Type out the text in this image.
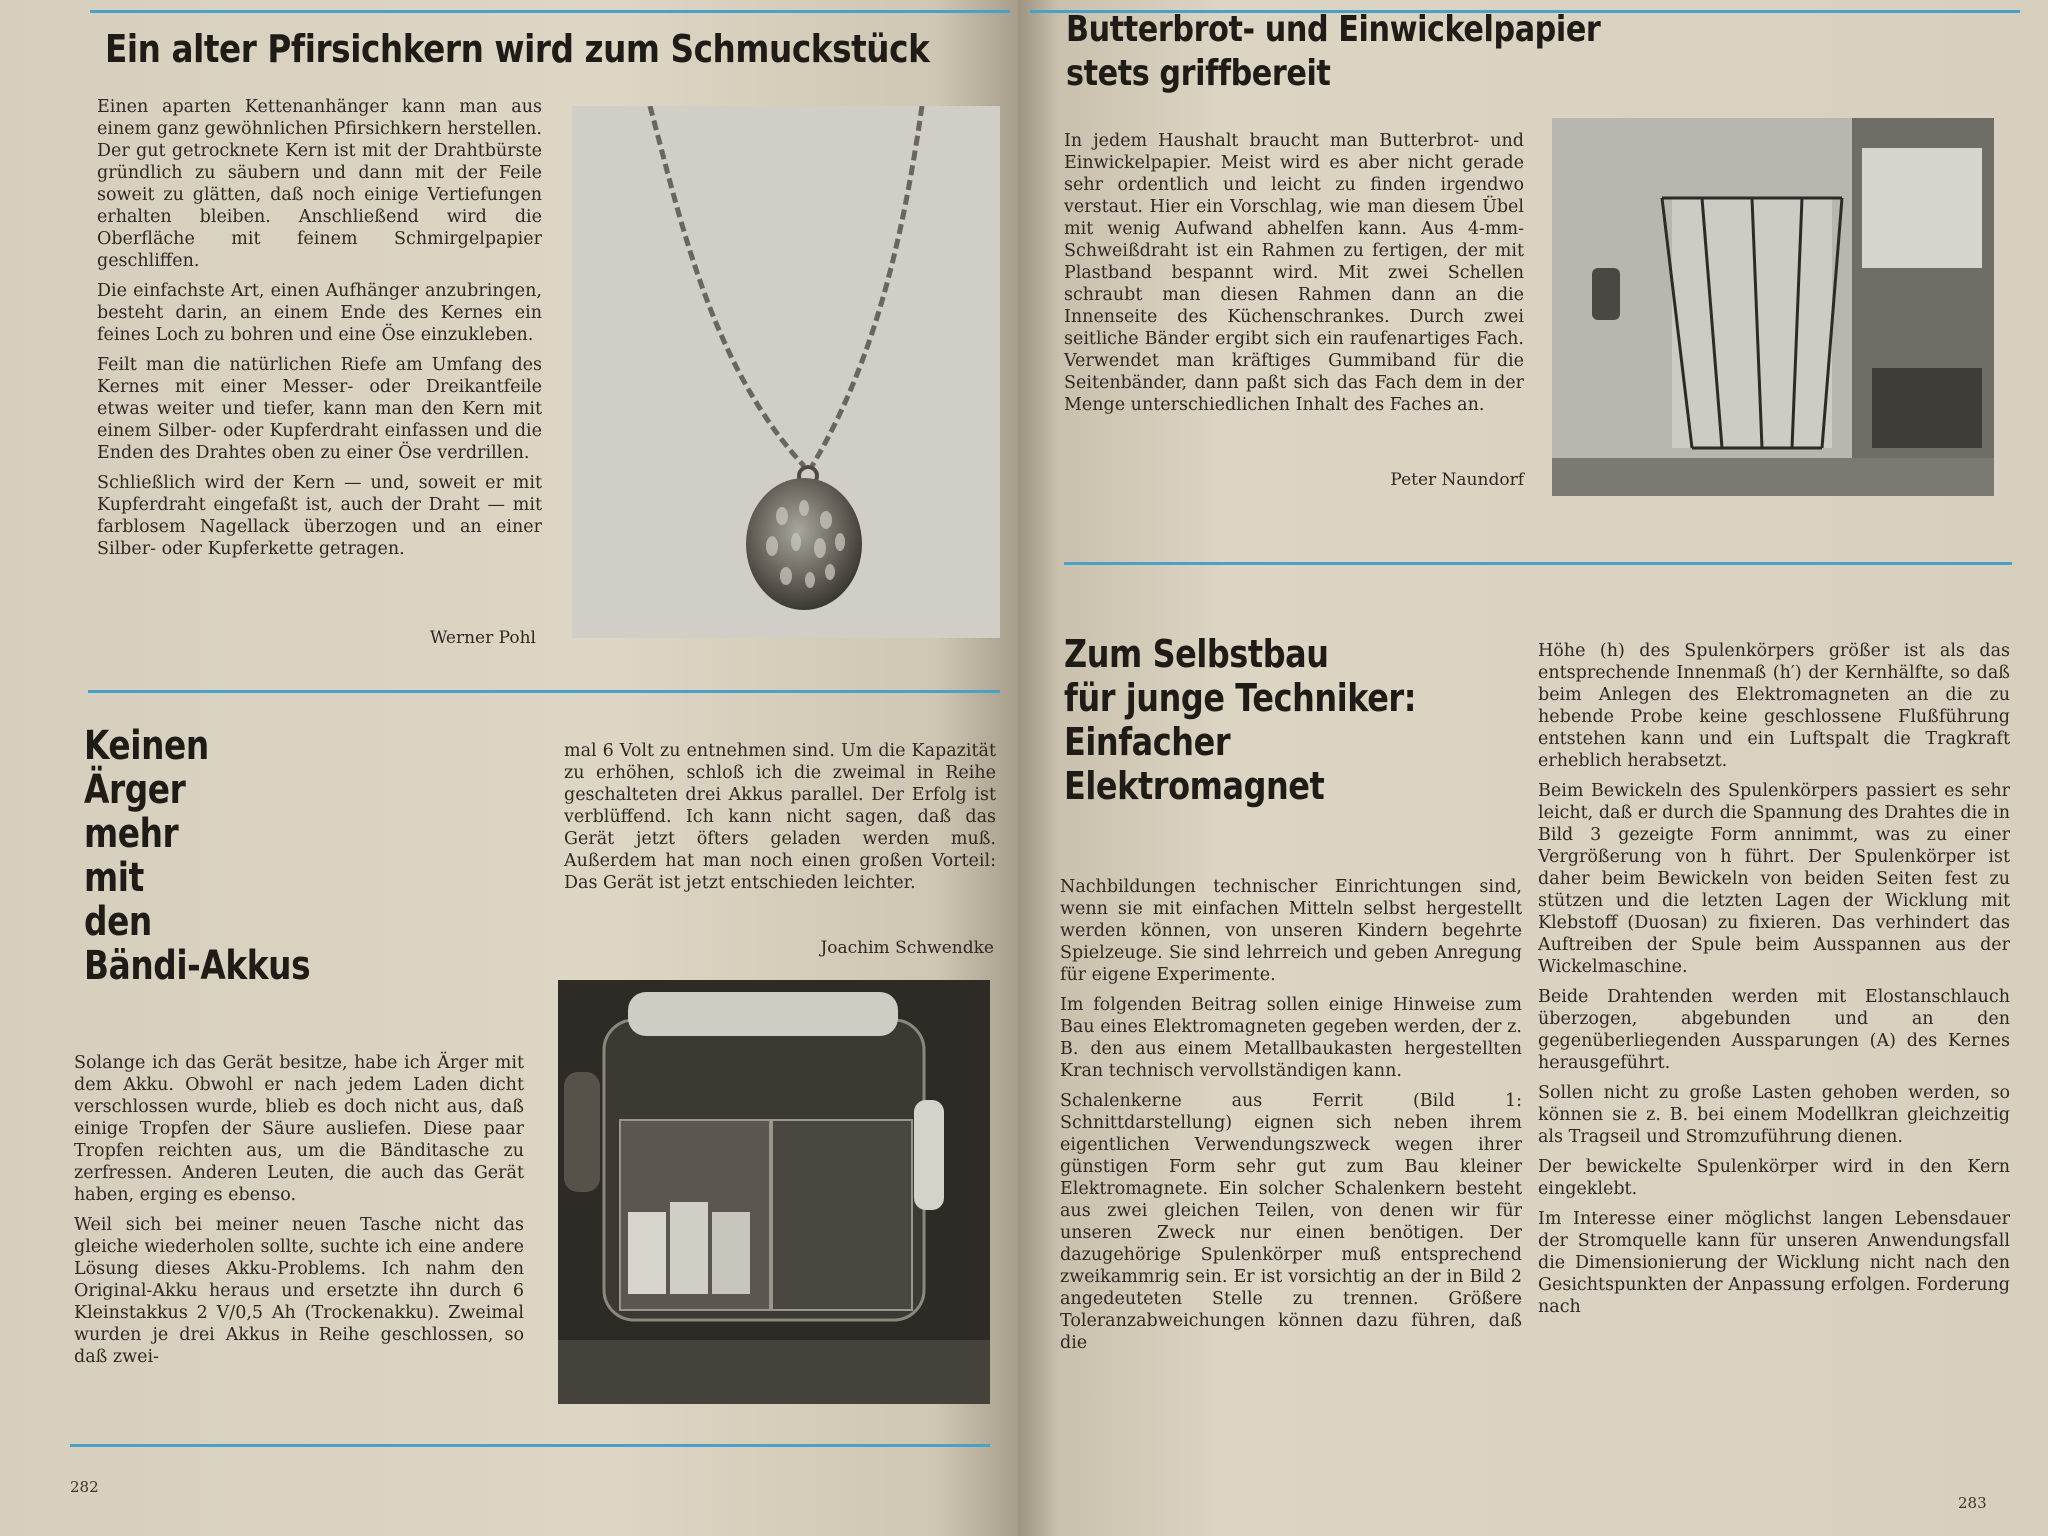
Ein alter Pfirsichkern wird zum Schmuckstück

Einen aparten Kettenanhänger kann man aus einem ganz gewöhnlichen Pfirsichkern herstellen. Der gut getrocknete Kern ist mit der Drahtbürste gründlich zu säubern und dann mit der Feile soweit zu glätten, daß noch einige Vertiefungen erhalten bleiben. Anschließend wird die Oberfläche mit feinem Schmirgelpapier geschliffen.

Die einfachste Art, einen Aufhänger anzubringen, besteht darin, an einem Ende des Kernes ein feines Loch zu bohren und eine Öse einzukleben.

Feilt man die natürlichen Riefe am Umfang des Kernes mit einer Messer- oder Dreikantfeile etwas weiter und tiefer, kann man den Kern mit einem Silber- oder Kupferdraht einfassen und die Enden des Drahtes oben zu einer Öse verdrillen.

Schließlich wird der Kern — und, soweit er mit Kupferdraht eingefaßt ist, auch der Draht — mit farblosem Nagellack überzogen und an einer Silber- oder Kupferkette getragen.

Werner Pohl
Keinen
Ärger
mehr
mit
den
Bändi-Akkus

Solange ich das Gerät besitze, habe ich Ärger mit dem Akku. Obwohl er nach jedem Laden dicht verschlossen wurde, blieb es doch nicht aus, daß einige Tropfen der Säure ausliefen. Diese paar Tropfen reichten aus, um die Bänditasche zu zerfressen. Anderen Leuten, die auch das Gerät haben, erging es ebenso.

Weil sich bei meiner neuen Tasche nicht das gleiche wiederholen sollte, suchte ich eine andere Lösung dieses Akku-Problems. Ich nahm den Original-Akku heraus und ersetzte ihn durch 6 Kleinstakkus 2 V/0,5 Ah (Trockenakku). Zweimal wurden je drei Akkus in Reihe geschlossen, so daß zwei-

mal 6 Volt zu entnehmen sind. Um die Kapazität zu erhöhen, schloß ich die zweimal in Reihe geschalteten drei Akkus parallel. Der Erfolg ist verblüffend. Ich kann nicht sagen, daß das Gerät jetzt öfters geladen werden muß. Außerdem hat man noch einen großen Vorteil: Das Gerät ist jetzt entschieden leichter.
Joachim Schwendke
282
Butterbrot- und Einwickelpapier
stets griffbereit
In jedem Haushalt braucht man Butterbrot- und Einwickelpapier. Meist wird es aber nicht gerade sehr ordentlich und leicht zu finden irgendwo verstaut. Hier ein Vorschlag, wie man diesem Übel mit wenig Aufwand abhelfen kann. Aus 4-mm-Schweißdraht ist ein Rahmen zu fertigen, der mit Plastband bespannt wird. Mit zwei Schellen schraubt man diesen Rahmen dann an die Innenseite des Küchenschrankes. Durch zwei seitliche Bänder ergibt sich ein raufenartiges Fach. Verwendet man kräftiges Gummiband für die Seitenbänder, dann paßt sich das Fach dem in der Menge unterschiedlichen Inhalt des Faches an.
Peter Naundorf
Zum Selbstbau
für junge Techniker:
Einfacher
Elektromagnet

Nachbildungen technischer Einrichtungen sind, wenn sie mit einfachen Mitteln selbst hergestellt werden können, von unseren Kindern begehrte Spielzeuge. Sie sind lehrreich und geben Anregung für eigene Experimente.

Im folgenden Beitrag sollen einige Hinweise zum Bau eines Elektromagneten gegeben werden, der z. B. den aus einem Metallbaukasten hergestellten Kran technisch vervollständigen kann.

Schalenkerne aus Ferrit (Bild 1: Schnittdarstellung) eignen sich neben ihrem eigentlichen Verwendungszweck wegen ihrer günstigen Form sehr gut zum Bau kleiner Elektromagnete. Ein solcher Schalenkern besteht aus zwei gleichen Teilen, von denen wir für unseren Zweck nur einen benötigen. Der dazugehörige Spulenkörper muß entsprechend zweikammrig sein. Er ist vorsichtig an der in Bild 2 angedeuteten Stelle zu trennen. Größere Toleranzabweichungen können dazu führen, daß die

Höhe (h) des Spulenkörpers größer ist als das entsprechende Innenmaß (h′) der Kernhälfte, so daß beim Anlegen des Elektromagneten an die zu hebende Probe keine geschlossene Flußführung entstehen kann und ein Luftspalt die Tragkraft erheblich herabsetzt.

Beim Bewickeln des Spulenkörpers passiert es sehr leicht, daß er durch die Spannung des Drahtes die in Bild 3 gezeigte Form annimmt, was zu einer Vergrößerung von h führt. Der Spulenkörper ist daher beim Bewickeln von beiden Seiten fest zu stützen und die letzten Lagen der Wicklung mit Klebstoff (Duosan) zu fixieren. Das verhindert das Auftreiben der Spule beim Ausspannen aus der Wickelmaschine.

Beide Drahtenden werden mit Elostanschlauch überzogen, abgebunden und an den gegenüberliegenden Aussparungen (A) des Kernes herausgeführt.

Sollen nicht zu große Lasten gehoben werden, so können sie z. B. bei einem Modellkran gleichzeitig als Tragseil und Stromzuführung dienen.

Der bewickelte Spulenkörper wird in den Kern eingeklebt.

Im Interesse einer möglichst langen Lebensdauer der Stromquelle kann für unseren Anwendungsfall die Dimensionierung der Wicklung nicht nach den Gesichtspunkten der Anpassung erfolgen. Forderung nach

283
